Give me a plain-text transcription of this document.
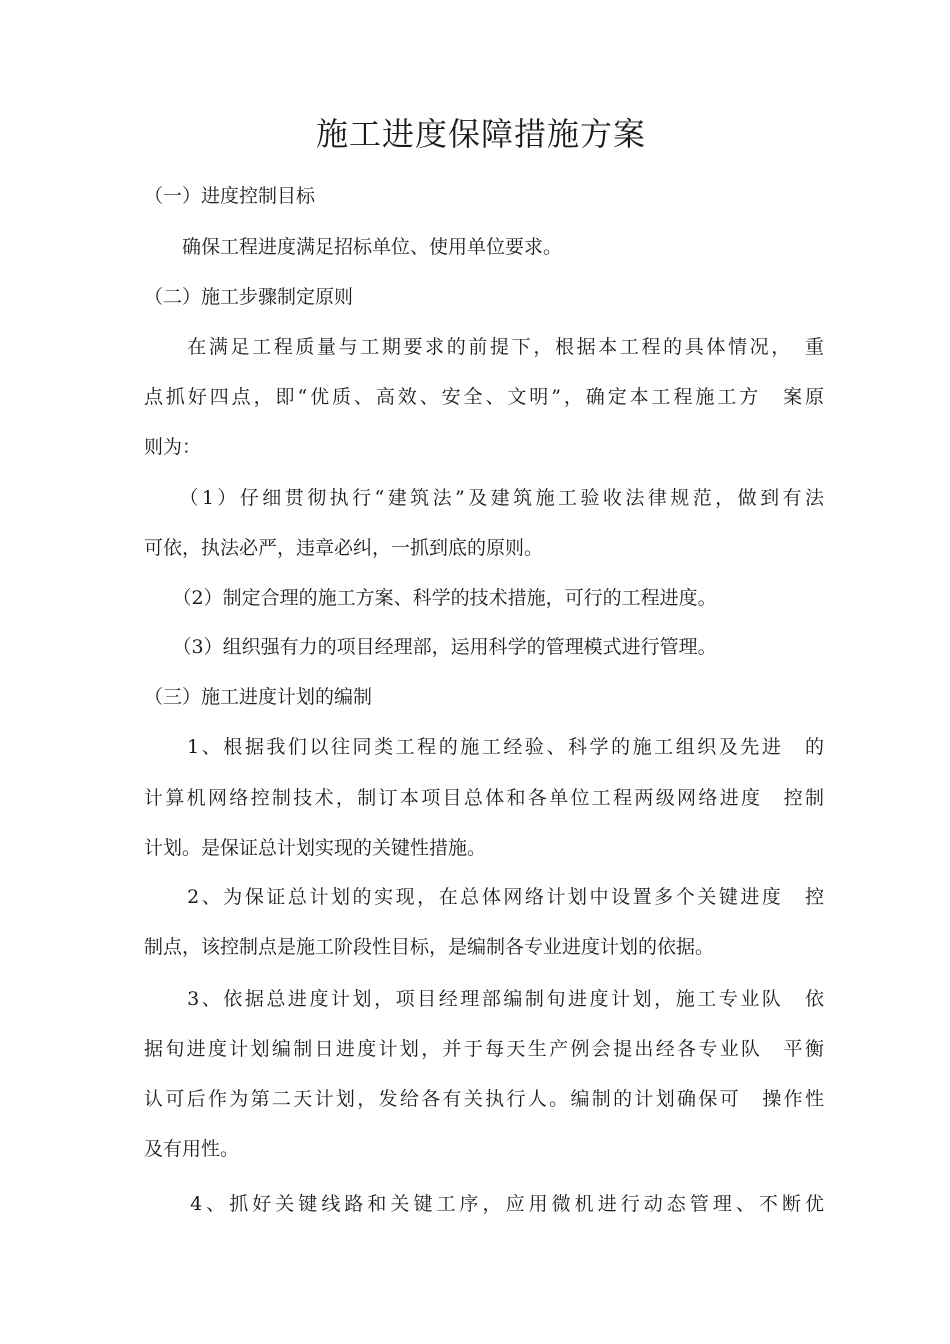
施工进度保障措施方案
（一）进度控制目标
　　确保工程进度满足招标单位、使用单位要求。
（二）施工步骤制定原则
　　在满足工程质量与工期要求的前提下，根据本工程的具体情况，　重
点抓好四点，即“优质、高效、安全、文明”，确定本工程施工方　案原
则为：
　　（1）仔细贯彻执行“建筑法”及建筑施工验收法律规范，做到有法
可依，执法必严，违章必纠，一抓到底的原则。
　　（2）制定合理的施工方案、科学的技术措施，可行的工程进度。
　　（3）组织强有力的项目经理部，运用科学的管理模式进行管理。
（三）施工进度计划的编制
　　1、根据我们以往同类工程的施工经验、科学的施工组织及先进　的
计算机网络控制技术，制订本项目总体和各单位工程两级网络进度　控制
计划。是保证总计划实现的关键性措施。
　　2、为保证总计划的实现，在总体网络计划中设置多个关键进度　控
制点，该控制点是施工阶段性目标，是编制各专业进度计划的依据。
　　3、依据总进度计划，项目经理部编制旬进度计划，施工专业队　依
据旬进度计划编制日进度计划，并于每天生产例会提出经各专业队　平衡
认可后作为第二天计划，发给各有关执行人。编制的计划确保可　操作性
及有用性。
　　4、抓好关键线路和关键工序，应用微机进行动态管理、不断优
